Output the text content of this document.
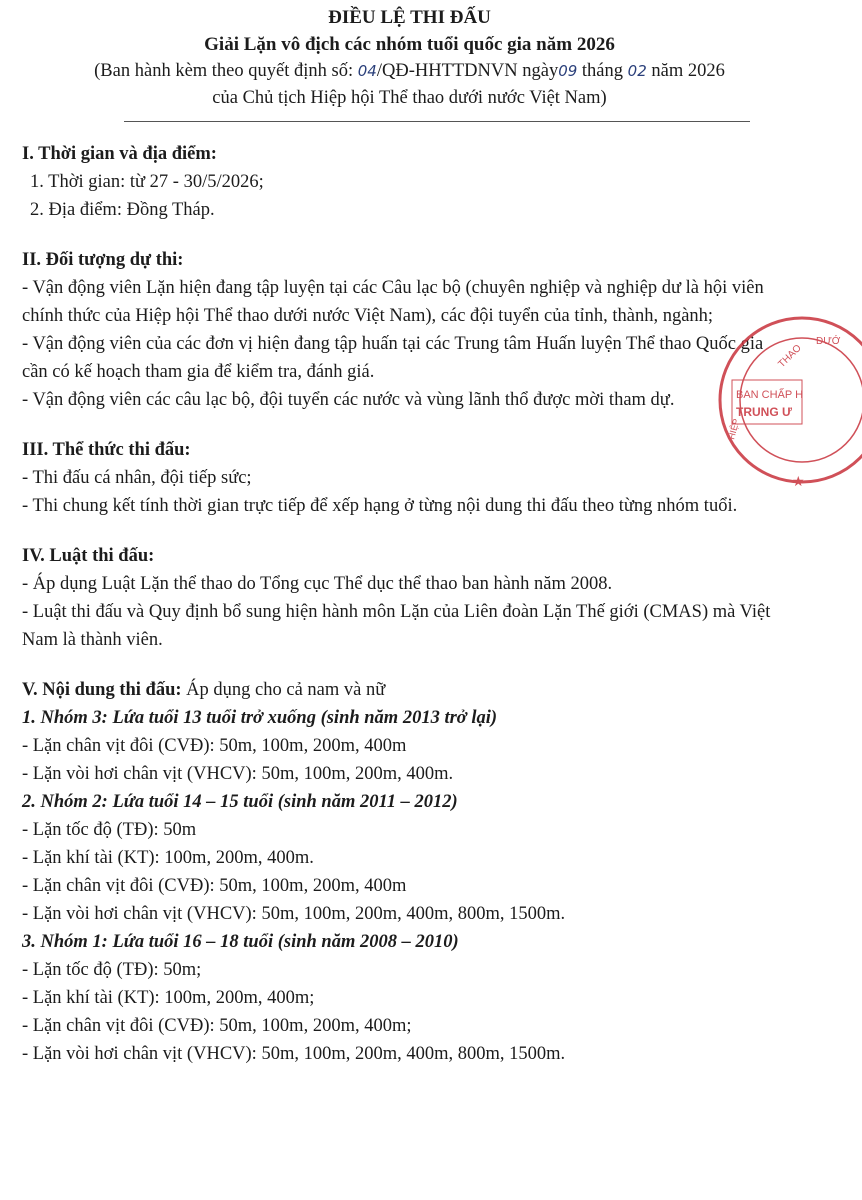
ĐIỀU LỆ THI ĐẤU
Giải Lặn vô địch các nhóm tuổi quốc gia năm 2026
(Ban hành kèm theo quyết định số: 04/QĐ-HHTTDNVN ngày09 tháng 02 năm 2026
của Chủ tịch Hiệp hội Thể thao dưới nước Việt Nam)
I. Thời gian và địa điểm:
1. Thời gian: từ 27 - 30/5/2026;
2. Địa điểm: Đồng Tháp.
II. Đối tượng dự thi:
- Vận động viên Lặn hiện đang tập luyện tại các Câu lạc bộ (chuyên nghiệp và nghiệp dư là hội viên chính thức của Hiệp hội Thể thao dưới nước Việt Nam), các đội tuyển của tỉnh, thành, ngành;
- Vận động viên của các đơn vị hiện đang tập huấn tại các Trung tâm Huấn luyện Thể thao Quốc gia cần có kế hoạch tham gia để kiểm tra, đánh giá.
- Vận động viên các câu lạc bộ, đội tuyển các nước và vùng lãnh thổ được mời tham dự.
III. Thể thức thi đấu:
- Thi đấu cá nhân, đội tiếp sức;
- Thi chung kết tính thời gian trực tiếp để xếp hạng ở từng nội dung thi đấu theo từng nhóm tuổi.
IV. Luật thi đấu:
- Áp dụng Luật Lặn thể thao do Tổng cục Thể dục thể thao ban hành năm 2008.
- Luật thi đấu và Quy định bổ sung hiện hành môn Lặn của Liên đoàn Lặn Thế giới (CMAS) mà Việt Nam là thành viên.
V. Nội dung thi đấu: Áp dụng cho cả nam và nữ
1. Nhóm 3: Lứa tuổi 13 tuổi trở xuống (sinh năm 2013 trở lại)
- Lặn chân vịt đôi (CVĐ): 50m, 100m, 200m, 400m
- Lặn vòi hơi chân vịt (VHCV): 50m, 100m, 200m, 400m.
2. Nhóm 2: Lứa tuổi 14 – 15 tuổi (sinh năm 2011 – 2012)
- Lặn tốc độ (TĐ): 50m
- Lặn khí tài (KT): 100m, 200m, 400m.
- Lặn chân vịt đôi (CVĐ): 50m, 100m, 200m, 400m
- Lặn vòi hơi chân vịt (VHCV): 50m, 100m, 200m, 400m, 800m, 1500m.
3. Nhóm 1: Lứa tuổi 16 – 18 tuổi (sinh năm 2008 – 2010)
- Lặn tốc độ (TĐ): 50m;
- Lặn khí tài (KT): 100m, 200m, 400m;
- Lặn chân vịt đôi (CVĐ): 50m, 100m, 200m, 400m;
- Lặn vòi hơi chân vịt (VHCV): 50m, 100m, 200m, 400m, 800m, 1500m.
THAO
DƯỚ
HIỆP
BAN CHẤP H
TRUNG Ư
★
